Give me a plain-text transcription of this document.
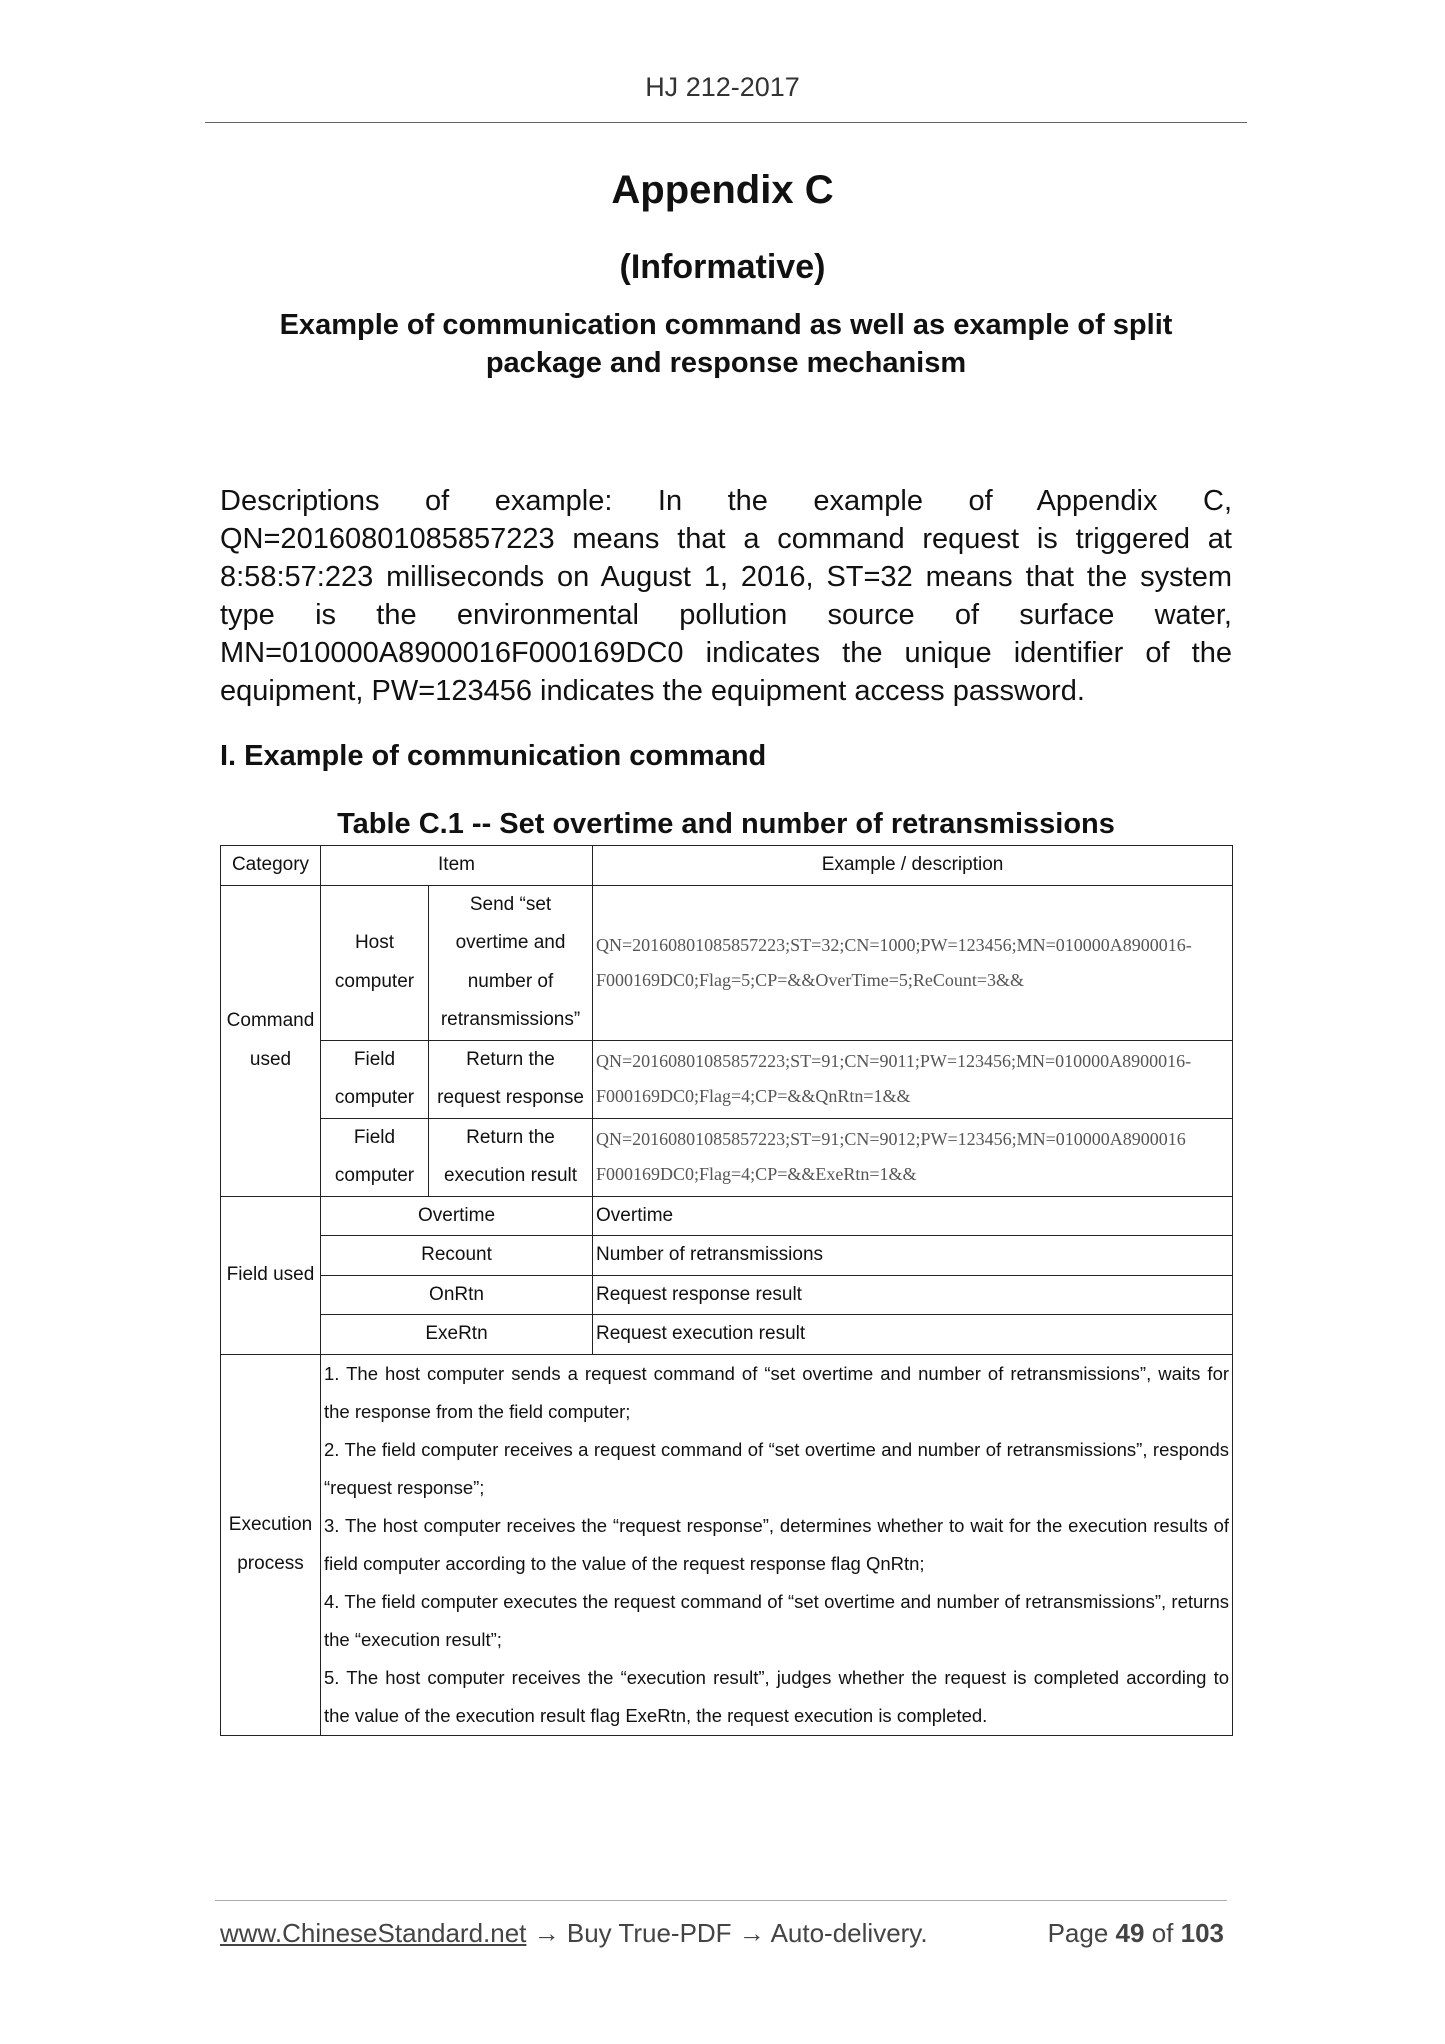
HJ 212-2017
Appendix C
(Informative)
Example of communication command as well as example of split package and response mechanism
Descriptions of example: In the example of Appendix C, QN=20160801085857223 means that a command request is triggered at 8:58:57:223 milliseconds on August 1, 2016, ST=32 means that the system type is the environmental pollution source of surface water, MN=010000A8900016F000169DC0 indicates the unique identifier of the equipment, PW=123456 indicates the equipment access password.
I. Example of communication command
Table C.1 -- Set overtime and number of retransmissions
Category	Item		Example / description
Command used	Host computer	Send “set overtime and number of retransmissions”	QN=20160801085857223;ST=32;CN=1000;PW=123456;MN=010000A8900016-
F000169DC0;Flag=5;CP=&&OverTime=5;ReCount=3&&

	Field computer	Return the request response	QN=20160801085857223;ST=91;CN=9011;PW=123456;MN=010000A8900016-
F000169DC0;Flag=4;CP=&&QnRtn=1&&

	Field computer	Return the execution result	QN=20160801085857223;ST=91;CN=9012;PW=123456;MN=010000A8900016
F000169DC0;Flag=4;CP=&&ExeRtn=1&&

Field used	Overtime		Overtime
	Recount		Number of retransmissions
	OnRtn		Request response result
	ExeRtn		Request execution result
Execution process	1. The host computer sends a request command of “set overtime and number of retransmissions”, waits for the response from the field computer;

2. The field computer receives a request command of “set overtime and number of retransmissions”, responds “request response”;

3. The host computer receives the “request response”, determines whether to wait for the execution results of field computer according to the value of the request response flag QnRtn;

4. The field computer executes the request command of “set overtime and number of retransmissions”, returns the “execution result”;

5. The host computer receives the “execution result”, judges whether the request is completed according to the value of the execution result flag ExeRtn, the request execution is completed.		

www.ChineseStandard.net → Buy True-PDF → Auto-delivery.	Page 49 of 103
